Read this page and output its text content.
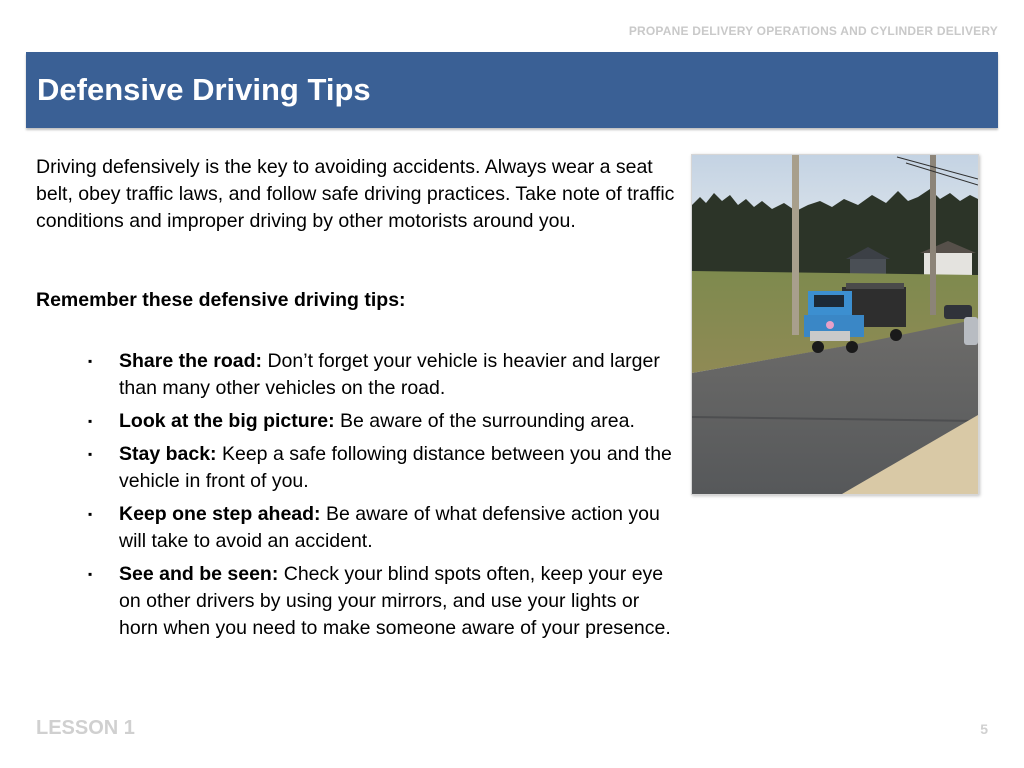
PROPANE DELIVERY OPERATIONS AND CYLINDER DELIVERY
Defensive Driving Tips
Driving defensively is the key to avoiding accidents. Always wear a seat belt, obey traffic laws, and follow safe driving practices. Take note of traffic conditions and improper driving by other motorists around you.
Remember these defensive driving tips:
▪ Share the road: Don’t forget your vehicle is heavier and larger than many other vehicles on the road.
▪ Look at the big picture: Be aware of the surrounding area.
▪ Stay back: Keep a safe following distance between you and the vehicle in front of you.
▪ Keep one step ahead: Be aware of what defensive action you will take to avoid an accident.
▪ See and be seen: Check your blind spots often, keep your eye on other drivers by using your mirrors, and use your lights or horn when you need to make someone aware of your presence.
LESSON 1	5
